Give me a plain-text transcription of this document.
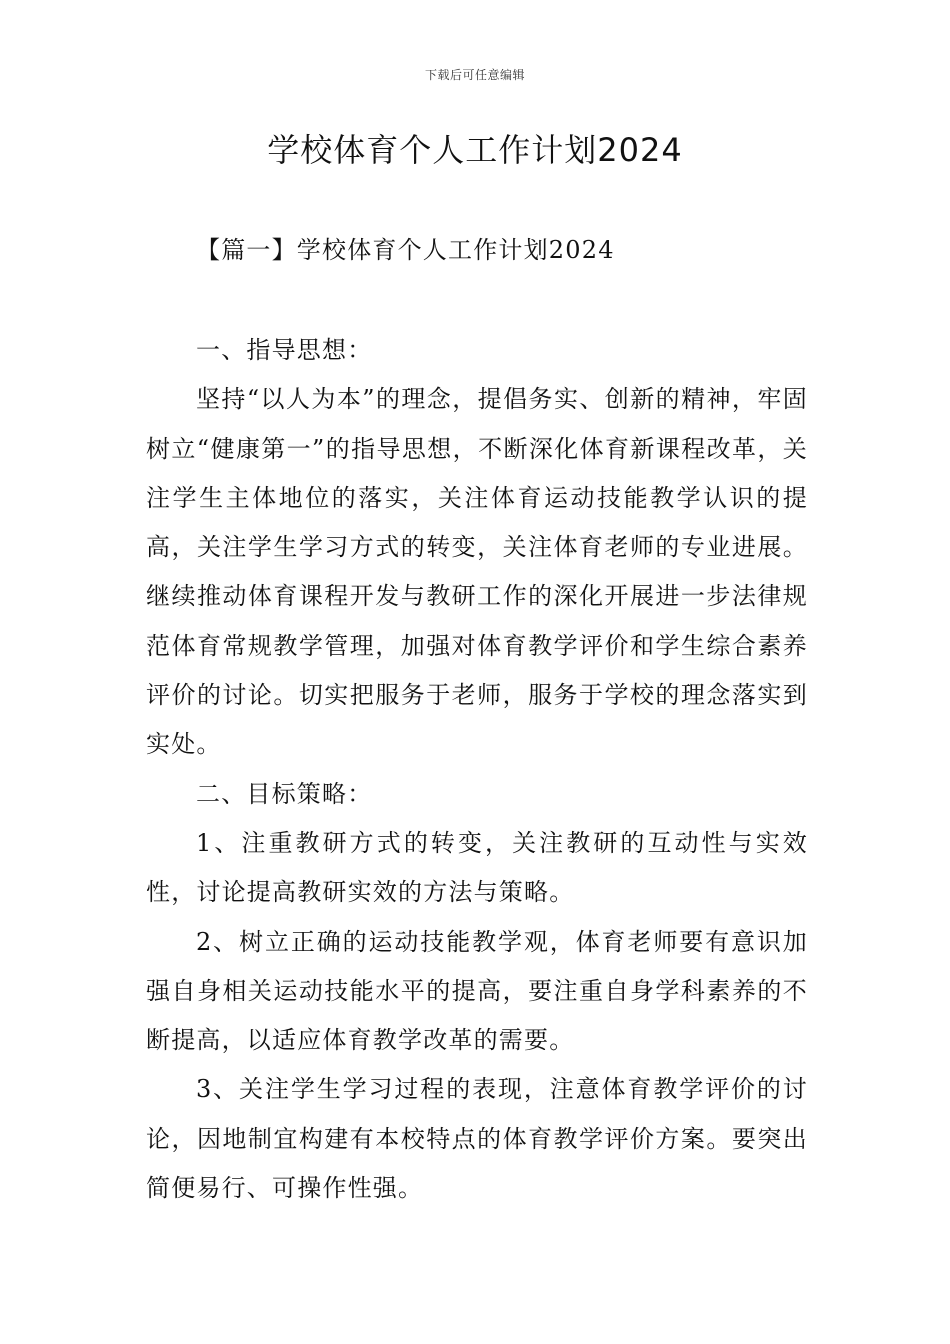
下载后可任意编辑
学校体育个人工作计划2024
【篇一】学校体育个人工作计划2024

一、指导思想：

坚持“以人为本”的理念，提倡务实、创新的精神，牢固树立“健康第一”的指导思想，不断深化体育新课程改革，关注学生主体地位的落实，关注体育运动技能教学认识的提高，关注学生学习方式的转变，关注体育老师的专业进展。继续推动体育课程开发与教研工作的深化开展进一步法律规范体育常规教学管理，加强对体育教学评价和学生综合素养评价的讨论。切实把服务于老师，服务于学校的理念落实到实处。

二、目标策略：

1、注重教研方式的转变，关注教研的互动性与实效性，讨论提高教研实效的方法与策略。

2、树立正确的运动技能教学观，体育老师要有意识加强自身相关运动技能水平的提高，要注重自身学科素养的不断提高，以适应体育教学改革的需要。

3、关注学生学习过程的表现，注意体育教学评价的讨论，因地制宜构建有本校特点的体育教学评价方案。要突出简便易行、可操作性强。
